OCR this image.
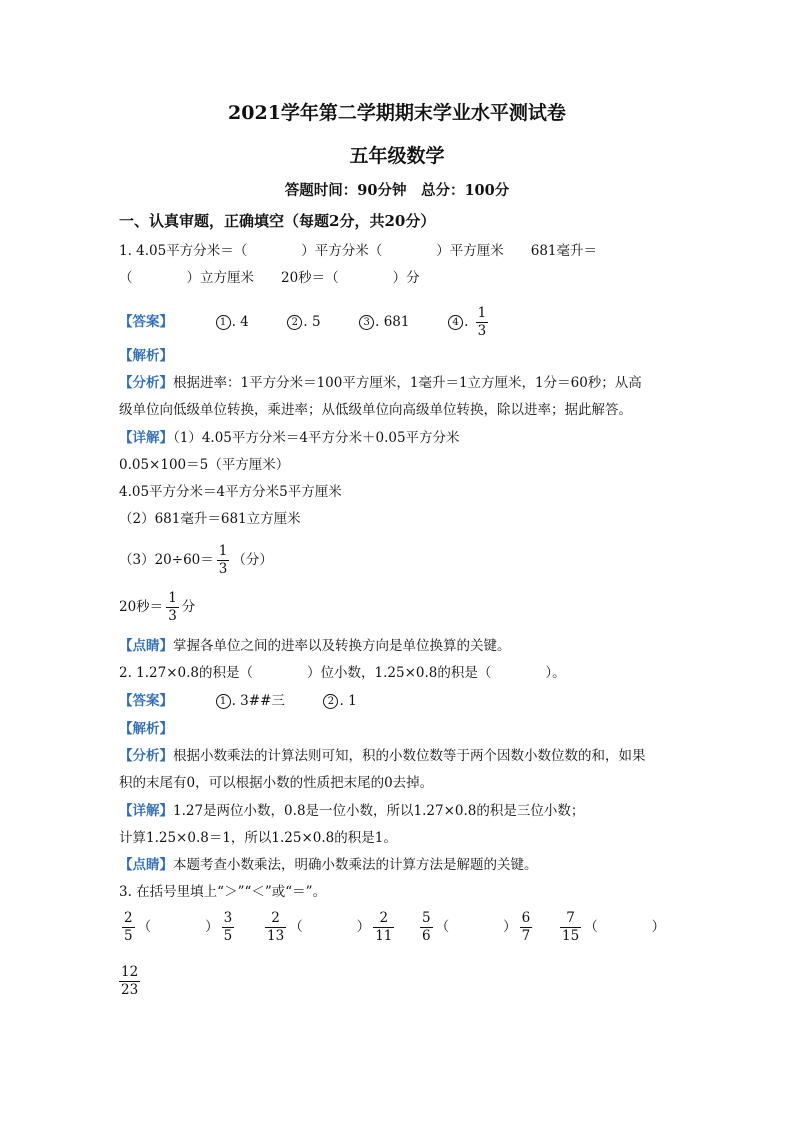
2021学年第二学期期末学业水平测试卷
五年级数学
答题时间：90分钟　总分：100分
一、认真审题，正确填空（每题2分，共20分）
1. 4.05平方分米＝（　　　　）平方分米（　　　　）平方厘米　　681毫升＝
（　　　　）立方厘米　　20秒＝（　　　　）分
【答案】	1 . 4	2 . 5	3 . 681	4 . $\frac{1}{3}$
【解析】
【分析】根据进率：1平方分米＝100平方厘米，1毫升＝1立方厘米，1分＝60秒；从高
级单位向低级单位转换，乘进率；从低级单位向高级单位转换，除以进率；据此解答。
【详解】（1）4.05平方分米＝4平方分米＋0.05平方分米
0.05×100＝5（平方厘米）
4.05平方分米＝4平方分米5平方厘米
（2）681毫升＝681立方厘米
$(3)20\div 60= \frac{1}{3}$ （分）
20秒＝ $\frac{1}{3}$ 分
【点睛】掌握各单位之间的进率以及转换方向是单位换算的关键。
2. 1.27×0.8的积是（　　　　）位小数，1.25×0.8的积是（　　　　）。
【答案】	1 . 3##三	2 . 1
【解析】
【分析】根据小数乘法的计算法则可知，积的小数位数等于两个因数小数位数的和，如果
积的末尾有0，可以根据小数的性质把末尾的0去掉。
【详解】1.27是两位小数，0.8是一位小数，所以1.27×0.8的积是三位小数；
计算1.25×0.8＝1，所以1.25×0.8的积是1。
【点睛】本题考查小数乘法，明确小数乘法的计算方法是解题的关键。
3. 在括号里填上“＞”“＜”或“＝”。
$\frac{2}{5}$ （　　　　） $\frac{3}{5} \frac{2}{13}$ （　　　　） $\frac{2}{11} \frac{5}{6}$ （　　　　） $\frac{6}{7} \frac{7}{15}$ （　　　　）
$\frac{12}{23}$
